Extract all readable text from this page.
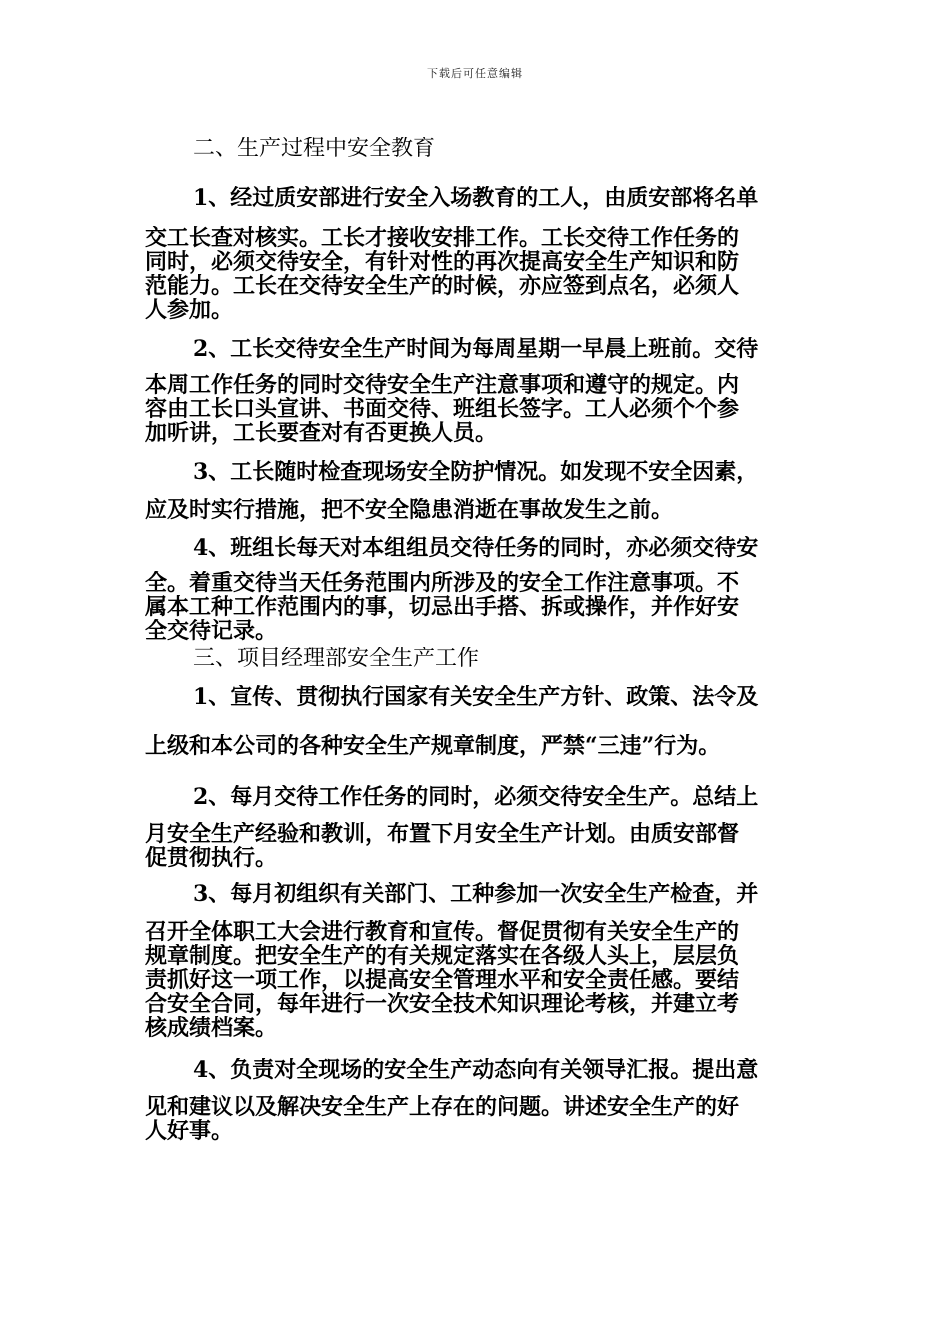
下载后可任意编辑
二、生产过程中安全教育
1、经过质安部进行安全入场教育的工人，由质安部将名单
交工长查对核实。工长才接收安排工作。工长交待工作任务的
同时，必须交待安全，有针对性的再次提高安全生产知识和防
范能力。工长在交待安全生产的时候，亦应签到点名，必须人
人参加。
2、工长交待安全生产时间为每周星期一早晨上班前。交待
本周工作任务的同时交待安全生产注意事项和遵守的规定。内
容由工长口头宣讲、书面交待、班组长签字。工人必须个个参
加听讲，工长要查对有否更换人员。
3、工长随时检查现场安全防护情况。如发现不安全因素，
应及时实行措施，把不安全隐患消逝在事故发生之前。
4、班组长每天对本组组员交待任务的同时，亦必须交待安
全。着重交待当天任务范围内所涉及的安全工作注意事项。不
属本工种工作范围内的事，切忌出手搭、拆或操作，并作好安
全交待记录。
三、项目经理部安全生产工作
1、宣传、贯彻执行国家有关安全生产方针、政策、法令及
上级和本公司的各种安全生产规章制度，严禁“三违”行为。
2、每月交待工作任务的同时，必须交待安全生产。总结上
月安全生产经验和教训，布置下月安全生产计划。由质安部督
促贯彻执行。
3、每月初组织有关部门、工种参加一次安全生产检查，并
召开全体职工大会进行教育和宣传。督促贯彻有关安全生产的
规章制度。把安全生产的有关规定落实在各级人头上，层层负
责抓好这一项工作，以提高安全管理水平和安全责任感。要结
合安全合同，每年进行一次安全技术知识理论考核，并建立考
核成绩档案。
4、负责对全现场的安全生产动态向有关领导汇报。提出意
见和建议以及解决安全生产上存在的问题。讲述安全生产的好
人好事。
